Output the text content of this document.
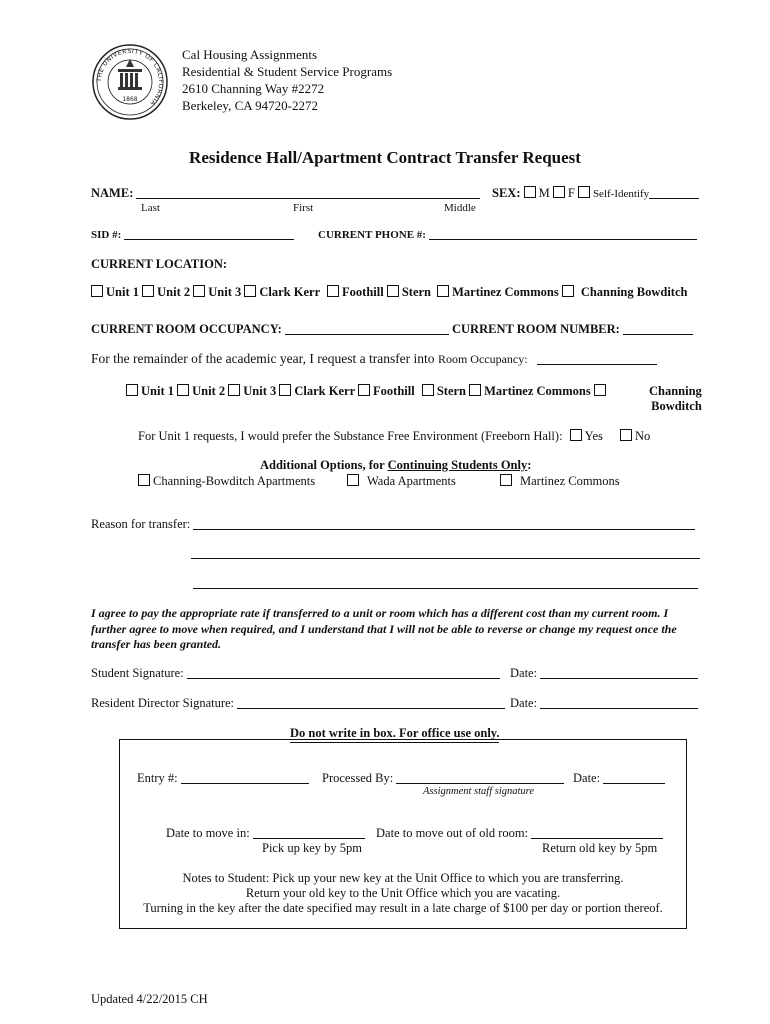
THE UNIVERSITY OF CALIFORNIA
1868
Cal Housing Assignments
Residential & Student Service Programs
2610 Channing Way #2272
Berkeley, CA 94720-2272
Residence Hall/Apartment Contract Transfer Request
NAME:	SEX: M F Self-Identify
Last	First	Middle
SID #:	CURRENT PHONE #:
CURRENT LOCATION:
Unit 1 Unit 2 Unit 3 Clark Kerr Foothill Stern Martinez Commons Channing Bowditch
CURRENT ROOM OCCUPANCY:	CURRENT ROOM NUMBER:
For the remainder of the academic year, I request a transfer into Room Occupancy:
Unit 1 Unit 2 Unit 3 Clark Kerr Foothill Stern Martinez Commons	Channing
Bowditch
For Unit 1 requests, I would prefer the Substance Free Environment (Freeborn Hall): Yes	No
Additional Options, for Continuing Students Only:
Channing-Bowditch Apartments	Wada Apartments	Martinez Commons
Reason for transfer:
I agree to pay the appropriate rate if transferred to a unit or room which has a different cost than my current room. I further agree to move when required, and I understand that I will not be able to reverse or change my request once the transfer has been granted.
Student Signature:	Date:
Resident Director Signature:	Date:
Do not write in box. For office use only.
Entry #:	Processed By:	Date:
Assignment staff signature
Date to move in:	Date to move out of old room:
Pick up key by 5pm	Return old key by 5pm
Notes to Student: Pick up your new key at the Unit Office to which you are transferring.
Return your old key to the Unit Office which you are vacating.
Turning in the key after the date specified may result in a late charge of $100 per day or portion thereof.
Updated 4/22/2015 CH
